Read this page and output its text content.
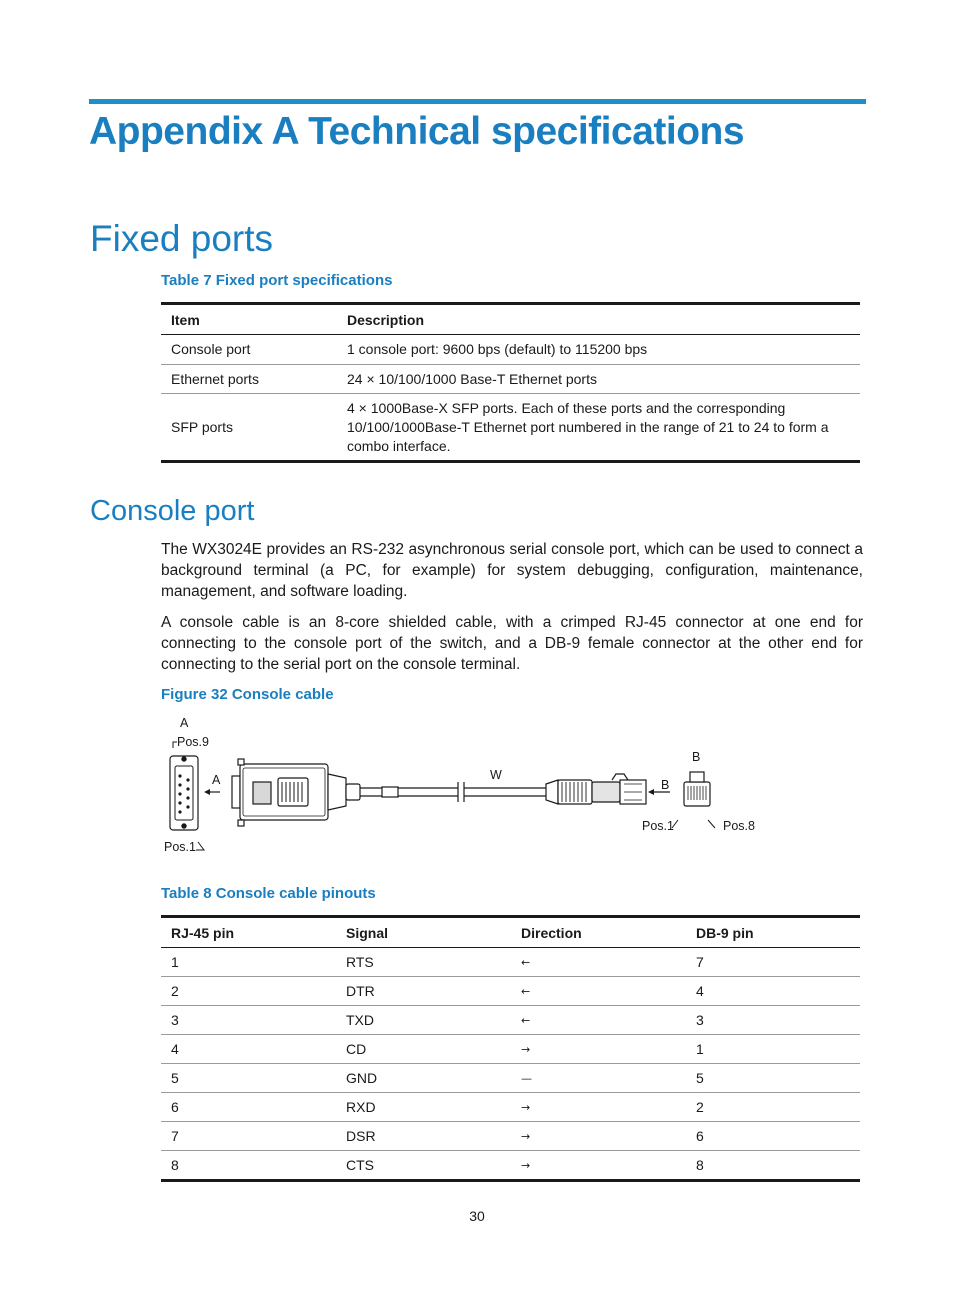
Appendix A Technical specifications
Fixed ports

Table 7 Fixed port specifications

Item	Description
Console port	1 console port: 9600 bps (default) to 115200 bps
Ethernet ports	24 × 10/100/1000 Base-T Ethernet ports
SFP ports	4 × 1000Base-X SFP ports. Each of these ports and the corresponding 10/100/1000Base-T Ethernet port numbered in the range of 21 to 24 to form a combo interface.
Console port

The WX3024E provides an RS-232 asynchronous serial console port, which can be used to connect a background terminal (a PC, for example) for system debugging, configuration, maintenance, management, and software loading.

A console cable is an 8-core shielded cable, with a crimped RJ-45 connector at one end for connecting to the console port of the switch, and a DB-9 female connector at the other end for connecting to the serial port on the console terminal.

Figure 32 Console cable

A
Pos.9
A
Pos.1
W
B
B
Pos.1	Pos.8

Table 8 Console cable pinouts

RJ-45 pin	Signal	Direction	DB-9 pin
1	RTS	←	7
2	DTR	←	4
3	TXD	←	3
4	CD	→	1
5	GND	—	5
6	RXD	→	2
7	DSR	→	6
8	CTS	→	8
30
